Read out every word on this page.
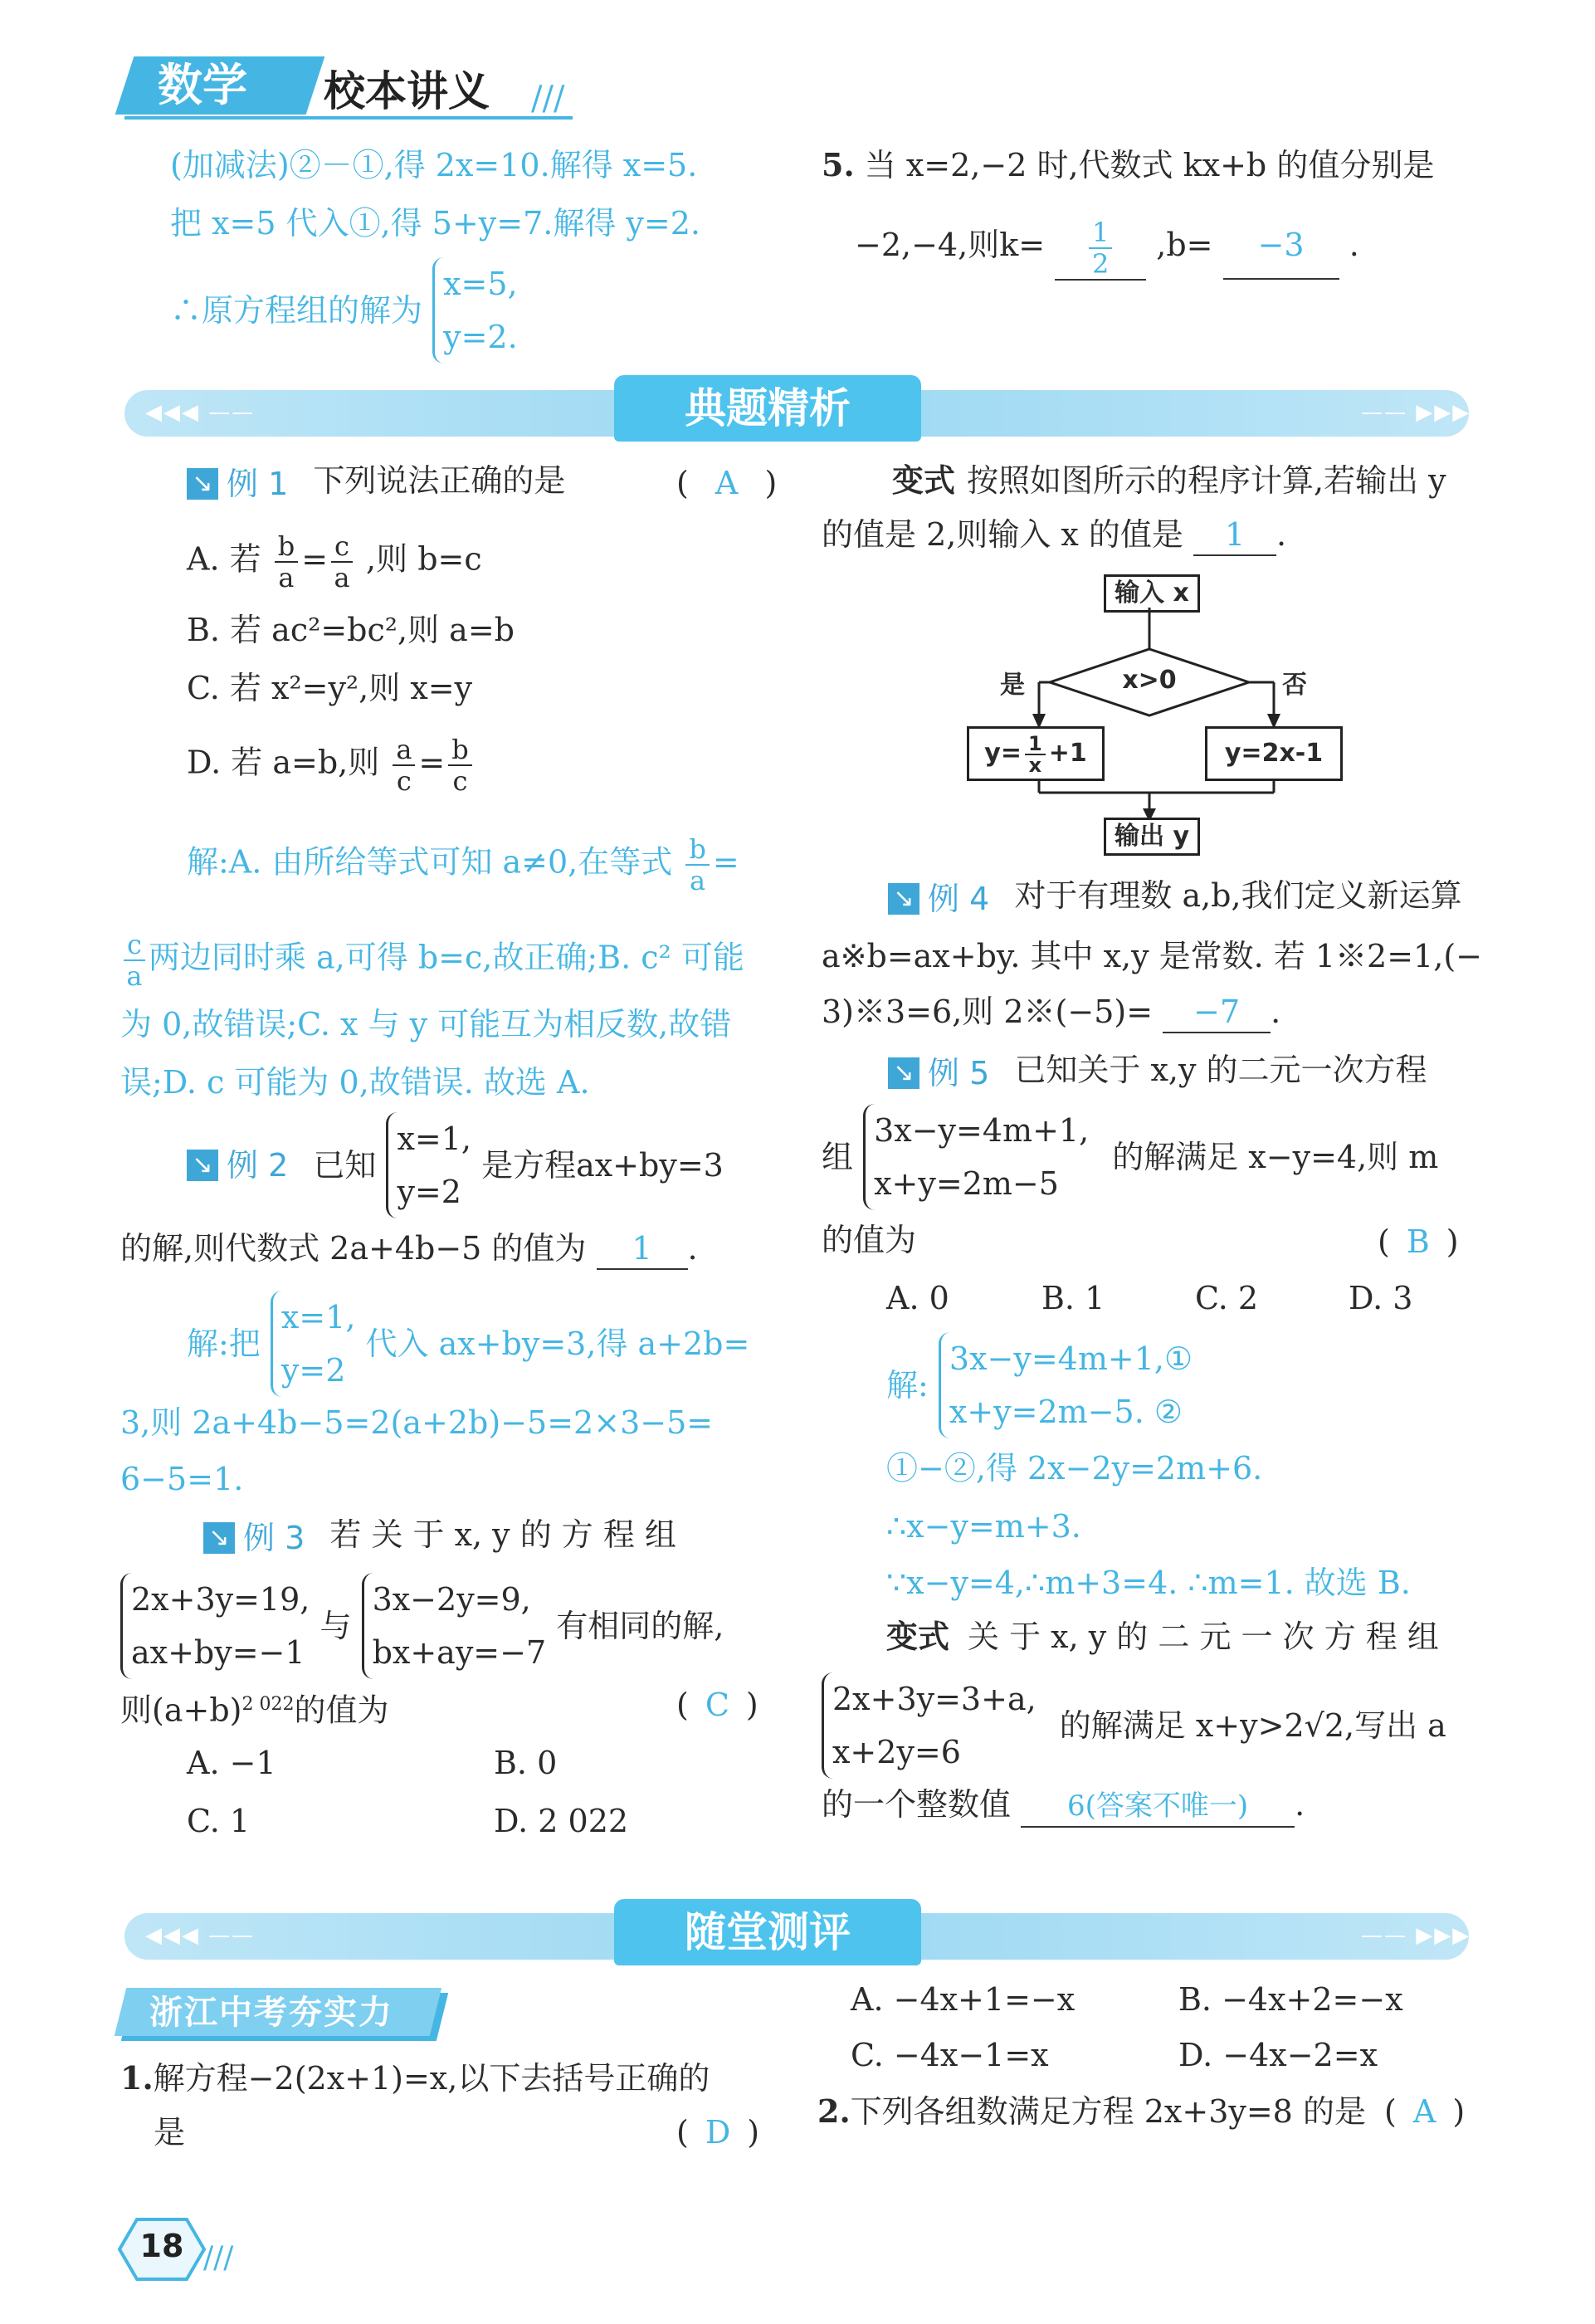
数学 校本讲义 ///
(加减法)②－①,得 2x=10.解得 x=5.
把 x=5 代入①,得 5+y=7.解得 y=2.
∴原方程组的解为
x=5,
y=2.
5. 当 x=2,−2 时,代数式 kx+b 的值分别是
−2,−4,则$k= \frac{1}{2} ,b= -3$ .
◀◀◀ ——	—— ▶▶▶
典题精析
↘ 例 1 下列说法正确的是	( A )
A. 若 $\frac{b}{a} = \frac{c}{a}$ ,则 b=c
B. 若 ac²=bc²,则 a=b
C. 若 x²=y²,则 x=y
D. 若 a=b,则 $\frac{a}{c} = \frac{b}{c}$
解:A. 由所给等式可知 a≠0,在等式 $\frac{b}{a}$ =
$\frac{c}{a}$ 两边同时乘 a,可得 b=c,故正确;B. c² 可能
为 0,故错误;C. x 与 y 可能互为相反数,故错
误;D. c 可能为 0,故错误. 故选 A.
↘ 例 2 已知
x=1,
y=2
是方程ax+by=3
的解,则代数式 2a+4b−5 的值为 1 .
解:把
x=1,
y=2
代入 ax+by=3,得 a+2b=
3,则 2a+4b−5=2(a+2b)−5=2×3−5=
6−5=1.
↘ 例 3 若 关 于 x, y 的 方 程 组
2x+3y=19,
ax+by=−1
与
3x−2y=9,
bx+ay=−7
有相同的解,
则$(a+b)^{2 022}$的值为	( C )
A. −1	B. 0
C. 1	D. 2 022
变式 按照如图所示的程序计算,若输出 y
的值是 2,则输入 x 的值是 1 .
输入 x
x>0
是	否
$y= \frac{1}{x} +1$	y=2x-1
输出 y
↘ 例 4 对于有理数 a,b,我们定义新运算
a※b=ax+by. 其中 x,y 是常数. 若 1※2=1,(−
3)※3=6,则 2※(−5)= −7 .
↘ 例 5 已知关于 x,y 的二元一次方程
组
3x−y=4m+1,
x+y=2m−5
的解满足 x−y=4,则 m
的值为	( B )
A. 0	B. 1	C. 2	D. 3
解:
3x−y=4m+1,①
x+y=2m−5. ②
①−②,得 2x−2y=2m+6.
∴x−y=m+3.
∵x−y=4,∴m+3=4. ∴m=1. 故选 B.
变式 关 于 x, y 的 二 元 一 次 方 程 组
2x+3y=3+a,
x+2y=6
的解满足 x+y>2√2,写出 a
的一个整数值 6(答案不唯一) .
◀◀◀ ——	—— ▶▶▶
随堂测评
浙江中考夯实力
1.解方程−2(2x+1)=x,以下去括号正确的
是	( D )
A. −4x+1=−x	B. −4x+2=−x
C. −4x−1=x	D. −4x−2=x
2.下列各组数满足方程 2x+3y=8 的是 ( A )
18 ///
